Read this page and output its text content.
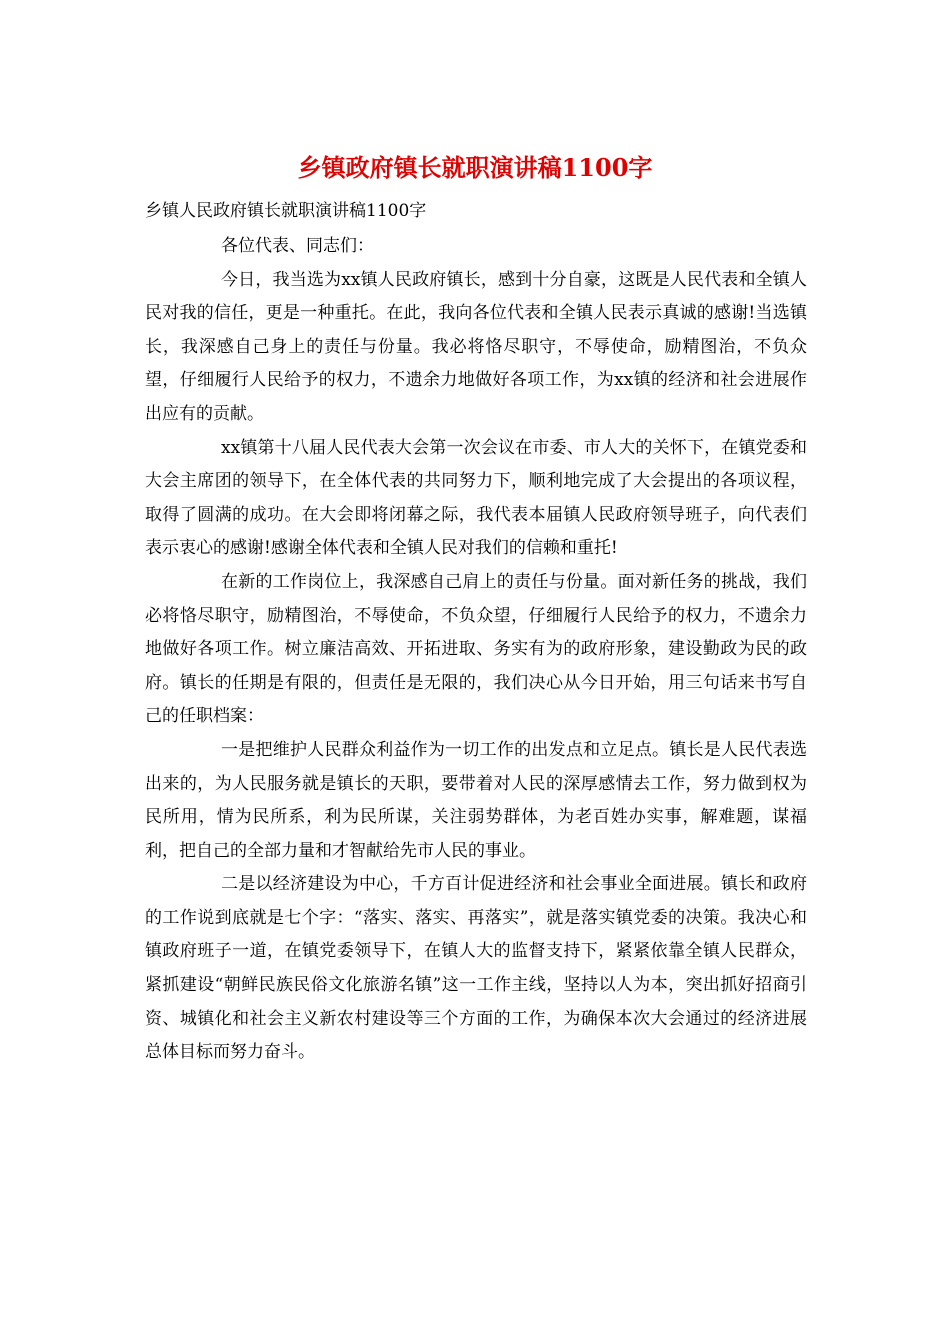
乡镇政府镇长就职演讲稿1100字
乡镇人民政府镇长就职演讲稿1100字

各位代表、同志们：

今日，我当选为xx镇人民政府镇长，感到十分自豪，这既是人民代表和全镇人民对我的信任，更是一种重托。在此，我向各位代表和全镇人民表示真诚的感谢!当选镇长，我深感自己身上的责任与份量。我必将恪尽职守，不辱使命，励精图治，不负众望，仔细履行人民给予的权力，不遗余力地做好各项工作，为xx镇的经济和社会进展作出应有的贡献。

xx镇第十八届人民代表大会第一次会议在市委、市人大的关怀下，在镇党委和大会主席团的领导下，在全体代表的共同努力下，顺利地完成了大会提出的各项议程，取得了圆满的成功。在大会即将闭幕之际，我代表本届镇人民政府领导班子，向代表们表示衷心的感谢!感谢全体代表和全镇人民对我们的信赖和重托!

在新的工作岗位上，我深感自己肩上的责任与份量。面对新任务的挑战，我们必将恪尽职守，励精图治，不辱使命，不负众望，仔细履行人民给予的权力，不遗余力地做好各项工作。树立廉洁高效、开拓进取、务实有为的政府形象，建设勤政为民的政府。镇长的任期是有限的，但责任是无限的，我们决心从今日开始，用三句话来书写自己的任职档案：

一是把维护人民群众利益作为一切工作的出发点和立足点。镇长是人民代表选出来的，为人民服务就是镇长的天职，要带着对人民的深厚感情去工作，努力做到权为民所用，情为民所系，利为民所谋，关注弱势群体，为老百姓办实事，解难题，谋福利，把自己的全部力量和才智献给先市人民的事业。

二是以经济建设为中心，千方百计促进经济和社会事业全面进展。镇长和政府的工作说到底就是七个字：“落实、落实、再落实”，就是落实镇党委的决策。我决心和镇政府班子一道，在镇党委领导下，在镇人大的监督支持下，紧紧依靠全镇人民群众，紧抓建设“朝鲜民族民俗文化旅游名镇”这一工作主线，坚持以人为本，突出抓好招商引资、城镇化和社会主义新农村建设等三个方面的工作，为确保本次大会通过的经济进展总体目标而努力奋斗。
